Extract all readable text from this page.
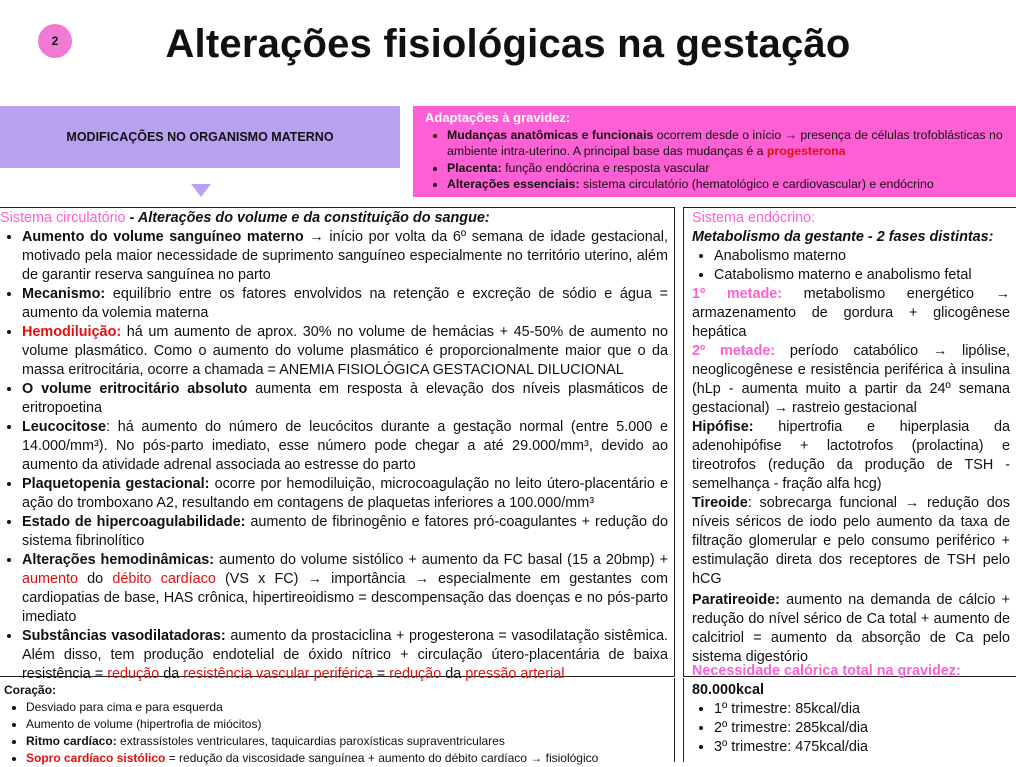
2	Alterações fisiológicas na gestação
MODIFICAÇÕES NO ORGANISMO MATERNO
Adaptações à gravidez:
• Mudanças anatômicas e funcionais ocorrem desde o início → presença de células trofoblásticas no ambiente intra-uterino. A principal base das mudanças é a progesterona
• Placenta: função endócrina e resposta vascular
• Alterações essenciais: sistema circulatório (hematológico e cardiovascular) e endócrino
Sistema circulatório - Alterações do volume e da constituição do sangue:
• Aumento do volume sanguíneo materno → início por volta da 6º semana de idade gestacional, motivado pela maior necessidade de suprimento sanguíneo especialmente no território uterino, além de garantir reserva sanguínea no parto
• Mecanismo: equilíbrio entre os fatores envolvidos na retenção e excreção de sódio e água = aumento da volemia materna
• Hemodiluição: há um aumento de aprox. 30% no volume de hemácias + 45-50% de aumento no volume plasmático. Como o aumento do volume plasmático é proporcionalmente maior que o da massa eritrocitária, ocorre a chamada = ANEMIA FISIOLÓGICA GESTACIONAL DILUCIONAL
• O volume eritrocitário absoluto aumenta em resposta à elevação dos níveis plasmáticos de eritropoetina
• Leucocitose: há aumento do número de leucócitos durante a gestação normal (entre 5.000 e 14.000/mm³). No pós-parto imediato, esse número pode chegar a até 29.000/mm³, devido ao aumento da atividade adrenal associada ao estresse do parto
• Plaquetopenia gestacional: ocorre por hemodiluição, microcoagulação no leito útero-placentário e ação do tromboxano A2, resultando em contagens de plaquetas inferiores a 100.000/mm³
• Estado de hipercoagulabilidade: aumento de fibrinogênio e fatores pró-coagulantes + redução do sistema fibrinolítico
• Alterações hemodinâmicas: aumento do volume sistólico + aumento da FC basal (15 a 20bmp) + aumento do débito cardíaco (VS x FC) → importância → especialmente em gestantes com cardiopatias de base, HAS crônica, hipertireoidismo = descompensação das doenças e no pós-parto imediato
• Substâncias vasodilatadoras: aumento da prostaciclina + progesterona = vasodilatação sistêmica. Além disso, tem produção endotelial de óxido nítrico + circulação útero-placentária de baixa resistência = redução da resistência vascular periférica = redução da pressão arterial
Sistema endócrino:
Metabolismo da gestante - 2 fases distintas:
• Anabolismo materno
• Catabolismo materno e anabolismo fetal

1º metade: metabolismo energético → armazenamento de gordura + glicogênese hepática

2º metade: período catabólico → lipólise, neoglicogênese e resistência periférica à insulina (hLp - aumenta muito a partir da 24º semana gestacional) → rastreio gestacional

Hipófise: hipertrofia e hiperplasia da adenohipófise + lactotrofos (prolactina) e tireotrofos (redução da produção de TSH - semelhança - fração alfa hcg)

Tireoide: sobrecarga funcional → redução dos níveis séricos de iodo pelo aumento da taxa de filtração glomerular e pelo consumo periférico + estimulação direta dos receptores de TSH pelo hCG

Paratireoide: aumento na demanda de cálcio + redução do nível sérico de Ca total + aumento de calcitriol = aumento da absorção de Ca pelo sistema digestório

Coração:
• Desviado para cima e para esquerda
• Aumento de volume (hipertrofia de miócitos)
• Ritmo cardíaco: extrassístoles ventriculares, taquicardias paroxísticas supraventriculares
• Sopro cardíaco sistólico = redução da viscosidade sanguínea + aumento do débito cardíaco → fisiológico
Necessidade calórica total na gravidez:
80.000kcal
• 1º trimestre: 85kcal/dia
• 2º trimestre: 285kcal/dia
• 3º trimestre: 475kcal/dia
